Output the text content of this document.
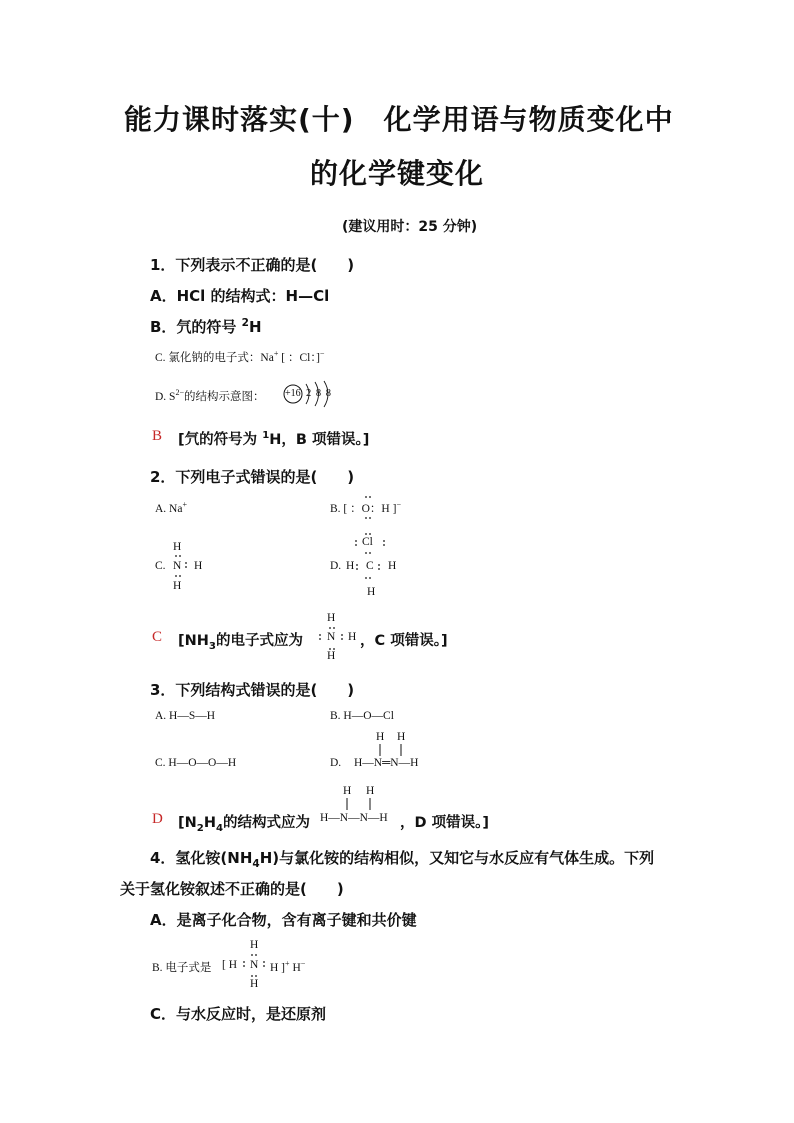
能力课时落实(十)　化学用语与物质变化中
的化学键变化
(建议用时：25 分钟)
1．下列表示不正确的是(　　)
A．HCl 的结构式：H—Cl
B．氕的符号 $^2$H
C. 氯化钠的电子式：Na+ [ ：Cl：]−
D. $S^{2-}$的结构示意图： +16 2 8 8
B [氕的符号为 $^1$H，B 项错误。]
2．下列电子式错误的是(　　)
A. Na+	B. [ ：O：H ]−
C.
H
N H
H
D.
Cl
H C H
H
C [$NH_3$的电子式应为
H
N H
H
，C 项错误。]
3．下列结构式错误的是(　　)
A. H—S—H	B. H—O—Cl
C. H—O—O—H	D.
H H
H—N═N—H
D [$N_2H_4$的结构式应为
H H
H—N—N—H ，D 项错误。]
4．氢化铵$(NH_4H)$与氯化铵的结构相似，又知它与水反应有气体生成。下列
关于氢化铵叙述不正确的是(　　)
A．是离子化合物，含有离子键和共价键
B. 电子式是 [ H
H
N
H
H ]+ H−
C．与水反应时，是还原剂
